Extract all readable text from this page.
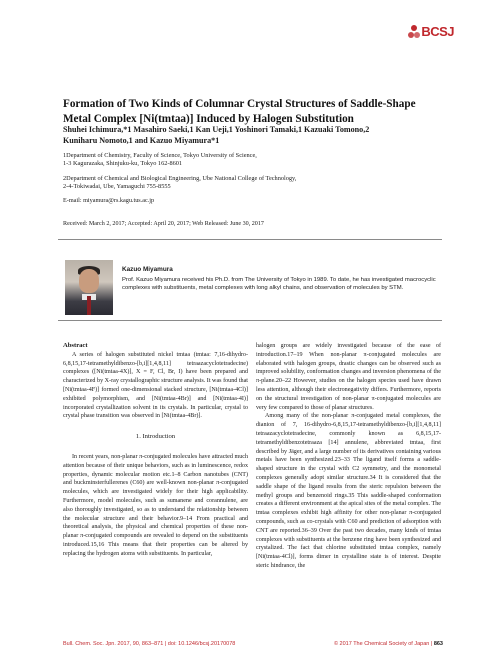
BCSJ
Formation of Two Kinds of Columnar Crystal Structures of Saddle-Shape Metal Complex [Ni(tmtaa)] Induced by Halogen Substitution
Shuhei Ichimura,*1 Masahiro Saeki,1 Kan Ueji,1 Yoshinori Tamaki,1 Kazuaki Tomono,2
Kuniharu Nomoto,1 and Kazuo Miyamura*1
1Department of Chemistry, Faculty of Science, Tokyo University of Science,
1-3 Kagurazaka, Shinjuku-ku, Tokyo 162-8601
2Department of Chemical and Biological Engineering, Ube National College of Technology,
2-4-Tokiwadai, Ube, Yamaguchi 755-8555

E-mail: miyamura@rs.kagu.tus.ac.jp

Received: March 2, 2017; Accepted: April 20, 2017; Web Released: June 30, 2017

Kazuo Miyamura

Prof. Kazuo Miyamura received his Ph.D. from The University of Tokyo in 1989. To date, he has investigated macrocyclic complexes with substituents, metal complexes with long alkyl chains, and observation of molecules by STM.

Abstract

A series of halogen substituted nickel tmtaa (tmtaa: 7,16-dihydro-6,8,15,17-tetramethyldibenzo-[b,i][1,4,8,11] tetraazacyclotetradecine) complexes ([Ni(tmtaa-4X)], X = F, Cl, Br, I) have been prepared and characterized by X-ray crystallographic structure analysis. It was found that [Ni(tmtaa-4F)] formed one-dimensional stacked structure, [Ni(tmtaa-4Cl)] exhibited polymorphism, and [Ni(tmtaa-4Br)] and [Ni(tmtaa-4I)] incorporated crystallization solvent in its crystals. In particular, crystal to crystal phase transition was observed in [Ni(tmtaa-4Br)].

1. Introduction

In recent years, non-planar π-conjugated molecules have attracted much attention because of their unique behaviors, such as in luminescence, redox properties, dynamic molecular motion etc.1–8 Carbon nanotubes (CNT) and buckminsterfullerenes (C60) are well-known non-planar π-conjugated molecules, which are investigated widely for their high applicability. Furthermore, model molecules, such as sumanene and corannulene, are also thoroughly investigated, so as to understand the relationship between the molecular structure and their behavior.9–14 From practical and theoretical analysis, the physical and chemical properties of these non-planar π-conjugated compounds are revealed to depend on the substituents introduced.15,16 This means that their properties can be altered by replacing the hydrogen atoms with substituents. In particular,

halogen groups are widely investigated because of the ease of introduction.17–19 When non-planar π-conjugated molecules are elaborated with halogen groups, drastic changes can be observed such as improved solubility, conformation changes and inversion phenomena of the π-plane.20–22 However, studies on the halogen species used have drawn less attention, although their electronegativity differs. Furthermore, reports on the structural investigation of non-planar π-conjugated molecules are very few compared to those of planar structures.

Among many of the non-planar π-conjugated metal complexes, the dianion of 7, 16-dihydro-6,8,15,17-tetramethyldibenzo-[b,i][1,4,8,11] tetraazacyclotetradecine, commonly known as 6,8,15,17-tetramethyldibenzotetraaza [14] annulene, abbreviated tmtaa, first described by Jäger, and a large number of its derivatives containing various metals have been synthesized.23–33 The ligand itself forms a saddle-shaped structure in the crystal with C2 symmetry, and the monometal complexes generally adopt similar structure.34 It is considered that the saddle shape of the ligand results from the steric repulsion between the methyl groups and benzenoid rings.35 This saddle-shaped conformation creates a different environment at the apical sites of the metal complex. The tmtaa complexes exhibit high affinity for other non-planar π-conjugated compounds, such as co-crystals with C60 and prediction of adsorption with CNT are reported.36–39 Over the past two decades, many kinds of tmtaa complexes with substituents at the benzene ring have been synthesized and crystalized. The fact that chlorine substituted tmtaa complex, namely [Ni(tmtaa-4Cl)], forms dimer in crystalline state is of interest. Despite steric hindrance, the

Bull. Chem. Soc. Jpn. 2017, 90, 863–871 | doi: 10.1246/bcsj.20170078	© 2017 The Chemical Society of Japan | 863
